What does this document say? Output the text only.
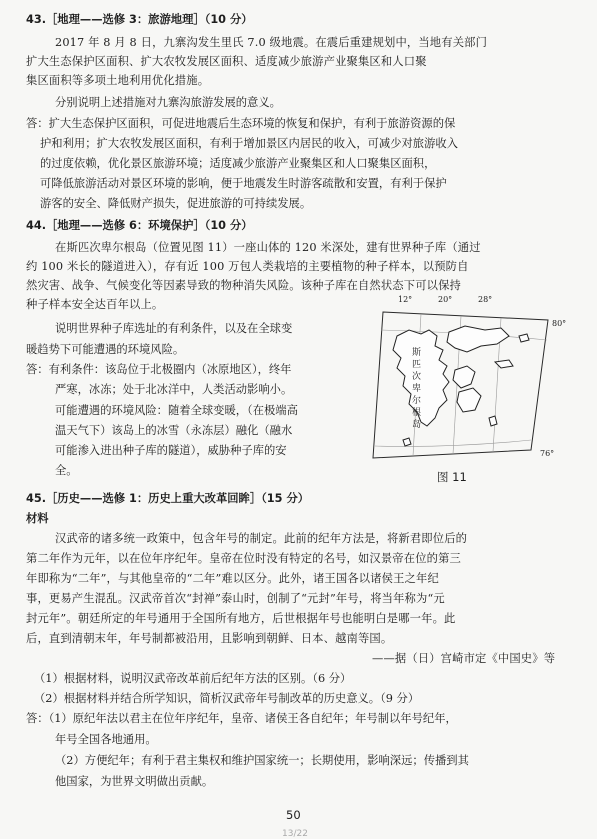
43.［地理——选修 3：旅游地理］（10 分）
2017 年 8 月 8 日，九寨沟发生里氏 7.0 级地震。在震后重建规划中，当地有关部门
扩大生态保护区面积、扩大农牧发展区面积、适度减少旅游产业聚集区和人口聚
集区面积等多项土地利用优化措施。
分别说明上述措施对九寨沟旅游发展的意义。
答：扩大生态保护区面积，可促进地震后生态环境的恢复和保护，有利于旅游资源的保
护和利用；扩大农牧发展区面积，有利于增加景区内居民的收入，可减少对旅游收入
的过度依赖，优化景区旅游环境；适度减少旅游产业聚集区和人口聚集区面积，
可降低旅游活动对景区环境的影响，便于地震发生时游客疏散和安置，有利于保护
游客的安全、降低财产损失，促进旅游的可持续发展。
44.［地理——选修 6：环境保护］（10 分）
在斯匹次卑尔根岛（位置见图 11）一座山体的 120 米深处，建有世界种子库（通过
约 100 米长的隧道进入），存有近 100 万包人类栽培的主要植物的种子样本，以预防自
然灾害、战争、气候变化等因素导致的物种消失风险。该种子库在自然状态下可以保持
种子样本安全达百年以上。
说明世界种子库选址的有利条件，以及在全球变
暖趋势下可能遭遇的环境风险。
答：有利条件：该岛位于北极圈内（冰原地区），终年
严寒，冰冻；处于北冰洋中，人类活动影响小。
可能遭遇的环境风险：随着全球变暖，（在极端高
温天气下）该岛上的冰雪（永冻层）融化（融水
可能渗入进出种子库的隧道），威胁种子库的安
全。
12°	20°	28°
80°
76°
斯
匹
次
卑
尔
根
岛
图 11
45.［历史——选修 1：历史上重大改革回眸］（15 分）
材料
汉武帝的诸多统一政策中，包含年号的制定。此前的纪年方法是，将新君即位后的
第二年作为元年，以在位年序纪年。皇帝在位时没有特定的名号，如汉景帝在位的第三
年即称为“二年”，与其他皇帝的“二年”难以区分。此外，诸王国各以诸侯王之年纪
事，更易产生混乱。汉武帝首次“封禅”泰山时，创制了“元封”年号，将当年称为“元
封元年”。朝廷所定的年号通用于全国所有地方，后世根据年号也能明白是哪一年。此
后，直到清朝末年，年号制都被沿用，且影响到朝鲜、日本、越南等国。
——据（日）宫崎市定《中国史》等
（1）根据材料，说明汉武帝改革前后纪年方法的区别。（6 分）
（2）根据材料并结合所学知识，简析汉武帝年号制改革的历史意义。（9 分）
答：（1）原纪年法以君主在位年序纪年，皇帝、诸侯王各自纪年；年号制以年号纪年，
年号全国各地通用。
（2）方便纪年；有利于君主集权和维护国家统一；长期使用，影响深远；传播到其
他国家，为世界文明做出贡献。
50
13/22
